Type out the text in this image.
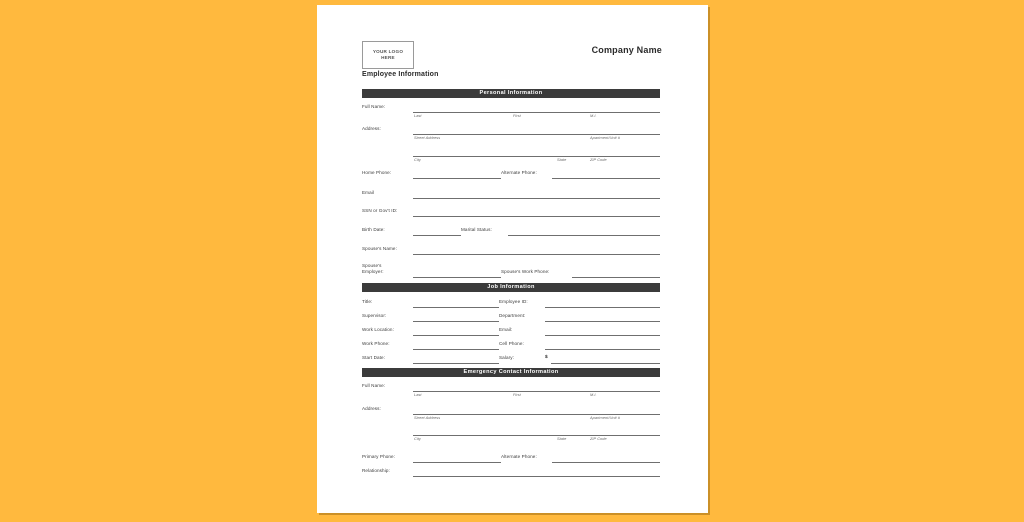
YOUR LOGO
HERE
Company Name
Employee Information
Personal Information
Full Name:
Last	First	M.I.
Address:
Street Address	Apartment/Unit #
City	State	ZIP Code
Home Phone:	Alternate Phone:
Email
SSN or Gov't ID:
Birth Date:	Marital Status:
Spouse's Name:
Spouse's
Employer:	Spouse's Work Phone:
Job Information
Title:	Employee ID:
Supervisor:	Department:
Work Location:	Email:
Work Phone:	Cell Phone:
Start Date:	Salary:	$
Emergency Contact Information
Full Name:
Last	First	M.I.
Address:
Street Address	Apartment/Unit #
City	State	ZIP Code
Primary Phone:	Alternate Phone:
Relationship:
